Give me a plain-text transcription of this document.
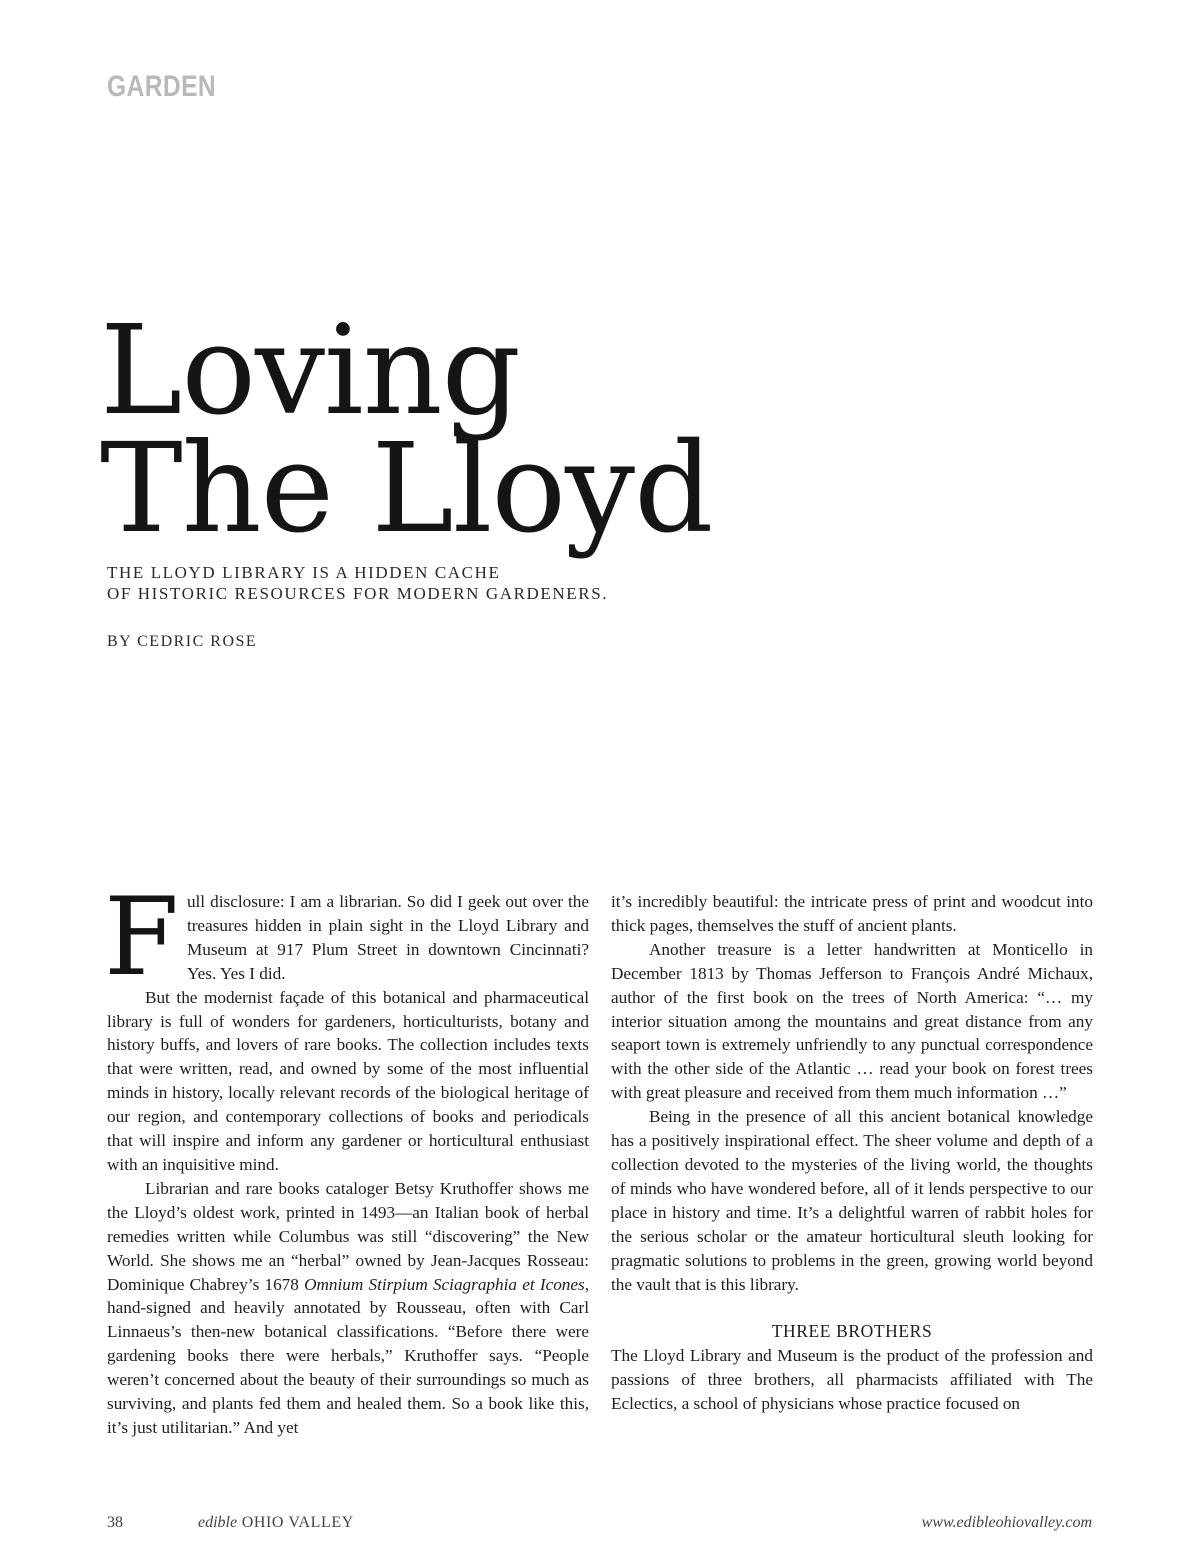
GARDEN
Loving
The Lloyd
THE LLOYD LIBRARY IS A HIDDEN CACHE
OF HISTORIC RESOURCES FOR MODERN GARDENERS.
BY CEDRIC ROSE

Full disclosure: I am a librarian. So did I geek out over the treasures hidden in plain sight in the Lloyd Library and Museum at 917 Plum Street in downtown Cincinnati? Yes. Yes I did.

But the modernist façade of this botanical and pharmaceutical library is full of wonders for gardeners, horticulturists, botany and history buffs, and lovers of rare books. The collection includes texts that were written, read, and owned by some of the most influential minds in history, locally relevant records of the biological heritage of our region, and contemporary collections of books and periodicals that will inspire and inform any gardener or horticultural enthusiast with an inquisitive mind.

Librarian and rare books cataloger Betsy Kruthoffer shows me the Lloyd’s oldest work, printed in 1493—an Italian book of herbal remedies written while Columbus was still “discovering” the New World. She shows me an “herbal” owned by Jean-Jacques Rosseau: Dominique Chabrey’s 1678 Omnium Stirpium Sciagraphia et Icones, hand-signed and heavily annotated by Rousseau, often with Carl Linnaeus’s then-new botanical classifications. “Before there were gardening books there were herbals,” Kruthoffer says. “People weren’t concerned about the beauty of their surroundings so much as surviving, and plants fed them and healed them. So a book like this, it’s just utilitarian.” And yet

it’s incredibly beautiful: the intricate press of print and woodcut into thick pages, themselves the stuff of ancient plants.

Another treasure is a letter handwritten at Monticello in December 1813 by Thomas Jefferson to François André Michaux, author of the first book on the trees of North America: “… my interior situation among the mountains and great distance from any seaport town is extremely unfriendly to any punctual correspondence with the other side of the Atlantic … read your book on forest trees with great pleasure and received from them much information …”

Being in the presence of all this ancient botanical knowledge has a positively inspirational effect. The sheer volume and depth of a collection devoted to the mysteries of the living world, the thoughts of minds who have wondered before, all of it lends perspective to our place in history and time. It’s a delightful warren of rabbit holes for the serious scholar or the amateur horticultural sleuth looking for pragmatic solutions to problems in the green, growing world beyond the vault that is this library.

THREE BROTHERS

The Lloyd Library and Museum is the product of the profession and passions of three brothers, all pharmacists affiliated with The Eclectics, a school of physicians whose practice focused on

38	edible OHIO VALLEY	www.edibleohiovalley.com
